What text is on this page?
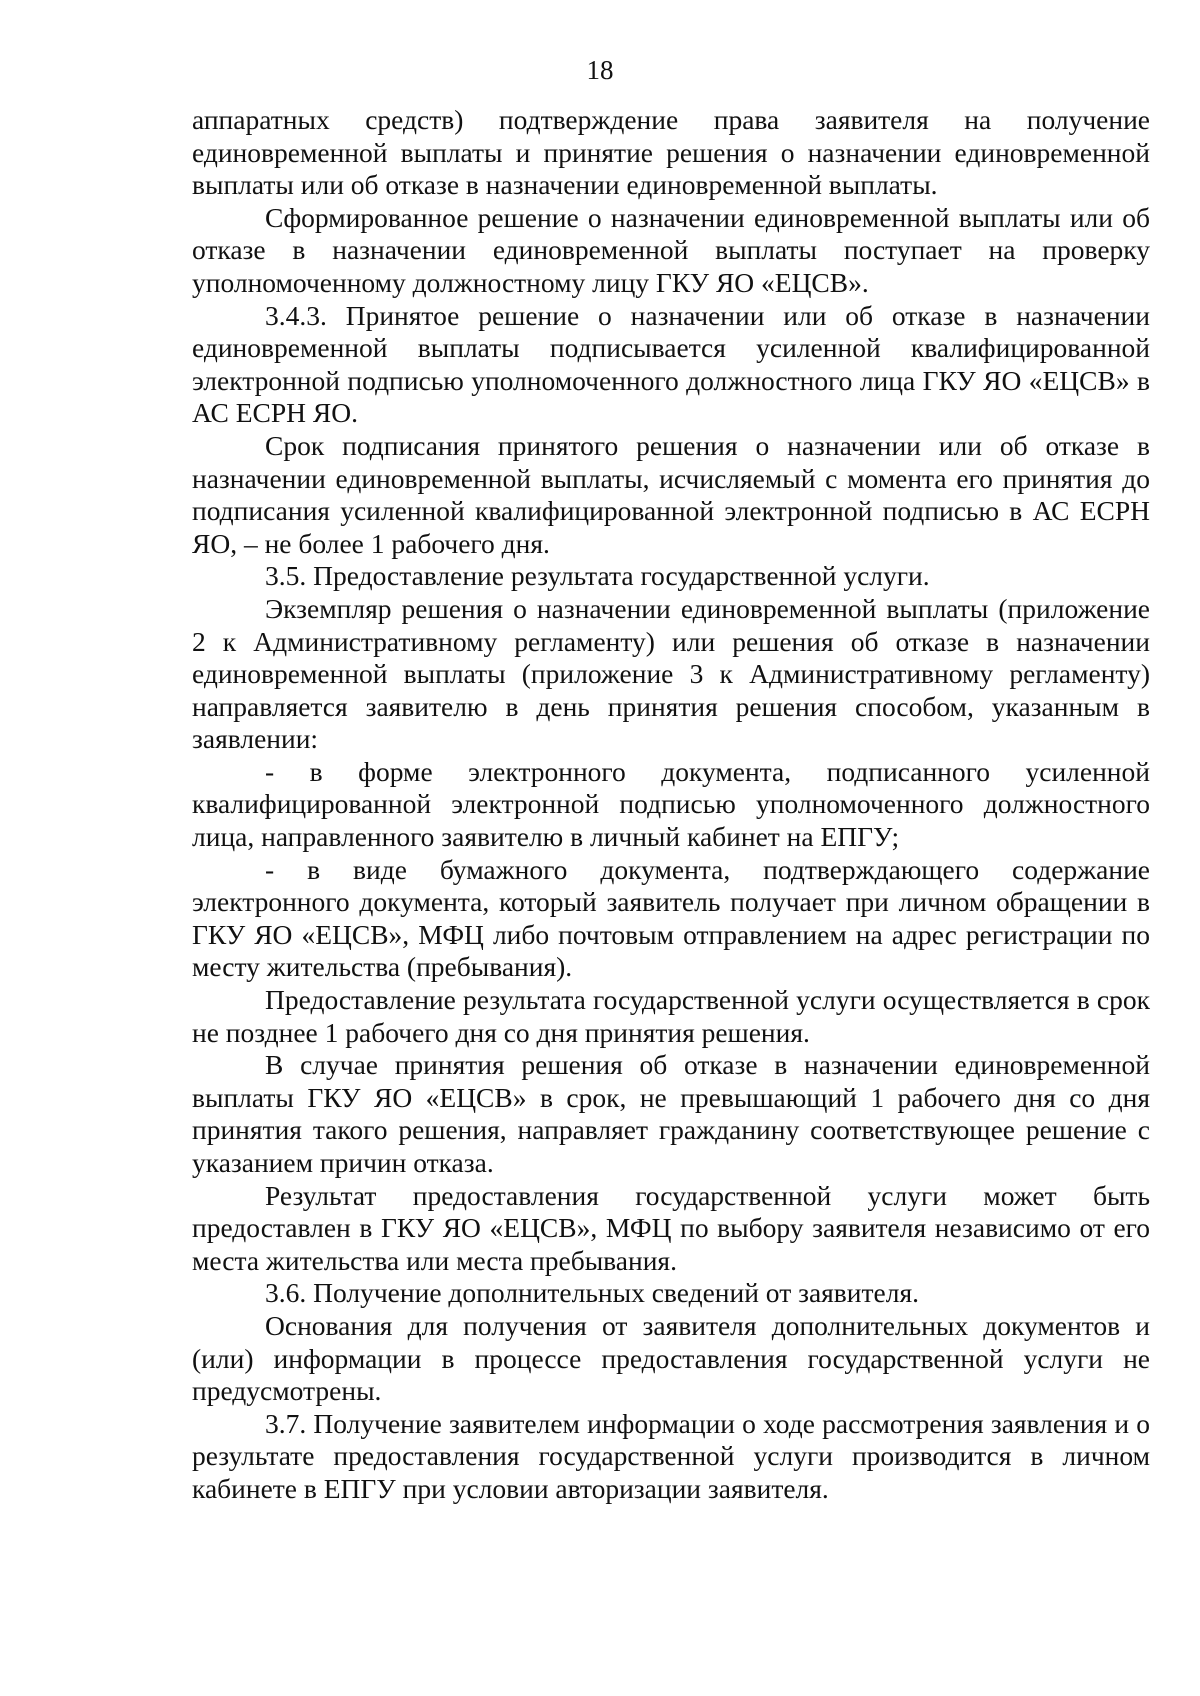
18

аппаратных средств) подтверждение права заявителя на получение единовременной выплаты и принятие решения о назначении единовременной выплаты или об отказе в назначении единовременной выплаты.

Сформированное решение о назначении единовременной выплаты или об отказе в назначении единовременной выплаты поступает на проверку уполномоченному должностному лицу ГКУ ЯО «ЕЦСВ».

3.4.3. Принятое решение о назначении или об отказе в назначении единовременной выплаты подписывается усиленной квалифицированной электронной подписью уполномоченного должностного лица ГКУ ЯО «ЕЦСВ» в АС ЕСРН ЯО.

Срок подписания принятого решения о назначении или об отказе в назначении единовременной выплаты, исчисляемый с момента его принятия до подписания усиленной квалифицированной электронной подписью в АС ЕСРН ЯО, – не более 1 рабочего дня.

3.5. Предоставление результата государственной услуги.

Экземпляр решения о назначении единовременной выплаты (приложение 2 к Административному регламенту) или решения об отказе в назначении единовременной выплаты (приложение 3 к Административному регламенту) направляется заявителю в день принятия решения способом, указанным в заявлении:

- в форме электронного документа, подписанного усиленной квалифицированной электронной подписью уполномоченного должностного лица, направленного заявителю в личный кабинет на ЕПГУ;

- в виде бумажного документа, подтверждающего содержание электронного документа, который заявитель получает при личном обращении в ГКУ ЯО «ЕЦСВ», МФЦ либо почтовым отправлением на адрес регистрации по месту жительства (пребывания).

Предоставление результата государственной услуги осуществляется в срок не позднее 1 рабочего дня со дня принятия решения.

В случае принятия решения об отказе в назначении единовременной выплаты ГКУ ЯО «ЕЦСВ» в срок, не превышающий 1 рабочего дня со дня принятия такого решения, направляет гражданину соответствующее решение с указанием причин отказа.

Результат предоставления государственной услуги может быть предоставлен в ГКУ ЯО «ЕЦСВ», МФЦ по выбору заявителя независимо от его места жительства или места пребывания.

3.6. Получение дополнительных сведений от заявителя.

Основания для получения от заявителя дополнительных документов и (или) информации в процессе предоставления государственной услуги не предусмотрены.

3.7. Получение заявителем информации о ходе рассмотрения заявления и о результате предоставления государственной услуги производится в личном кабинете в ЕПГУ при условии авторизации заявителя.
